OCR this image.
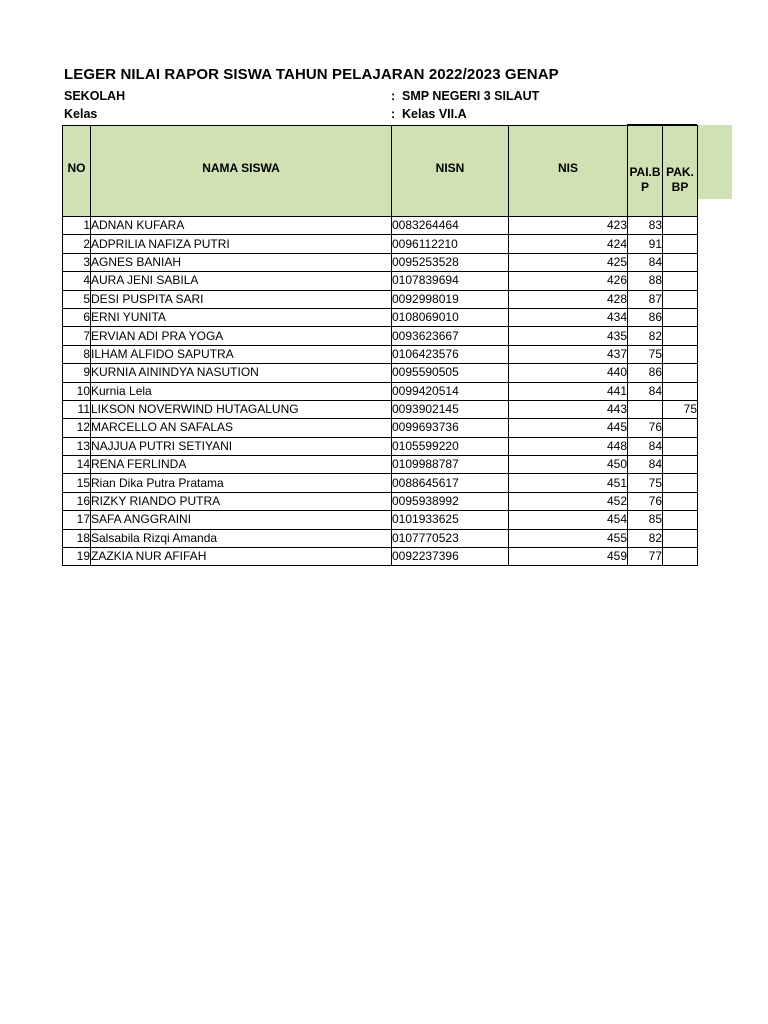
LEGER NILAI RAPOR SISWA TAHUN PELAJARAN 2022/2023 GENAP
SEKOLAH	: SMP NEGERI 3 SILAUT
Kelas	: Kelas VII.A
NO	NAMA SISWA	NISN	NIS	PAI.BP	PAK. BP
1	ADNAN KUFARA	0083264464	423	83	
2	ADPRILIA NAFIZA PUTRI	0096112210	424	91	
3	AGNES BANIAH	0095253528	425	84	
4	AURA JENI SABILA	0107839694	426	88	
5	DESI PUSPITA SARI	0092998019	428	87	
6	ERNI YUNITA	0108069010	434	86	
7	ERVIAN ADI PRA YOGA	0093623667	435	82	
8	ILHAM ALFIDO SAPUTRA	0106423576	437	75	
9	KURNIA AININDYA NASUTION	0095590505	440	86	
10	Kurnia Lela	0099420514	441	84	
11	LIKSON NOVERWIND HUTAGALUNG	0093902145	443		75
12	MARCELLO AN SAFALAS	0099693736	445	76	
13	NAJJUA PUTRI SETIYANI	0105599220	448	84	
14	RENA FERLINDA	0109988787	450	84	
15	Rian Dika Putra Pratama	0088645617	451	75	
16	RIZKY RIANDO PUTRA	0095938992	452	76	
17	SAFA ANGGRAINI	0101933625	454	85	
18	Salsabila Rizqi Amanda	0107770523	455	82	
19	ZAZKIA NUR AFIFAH	0092237396	459	77	
